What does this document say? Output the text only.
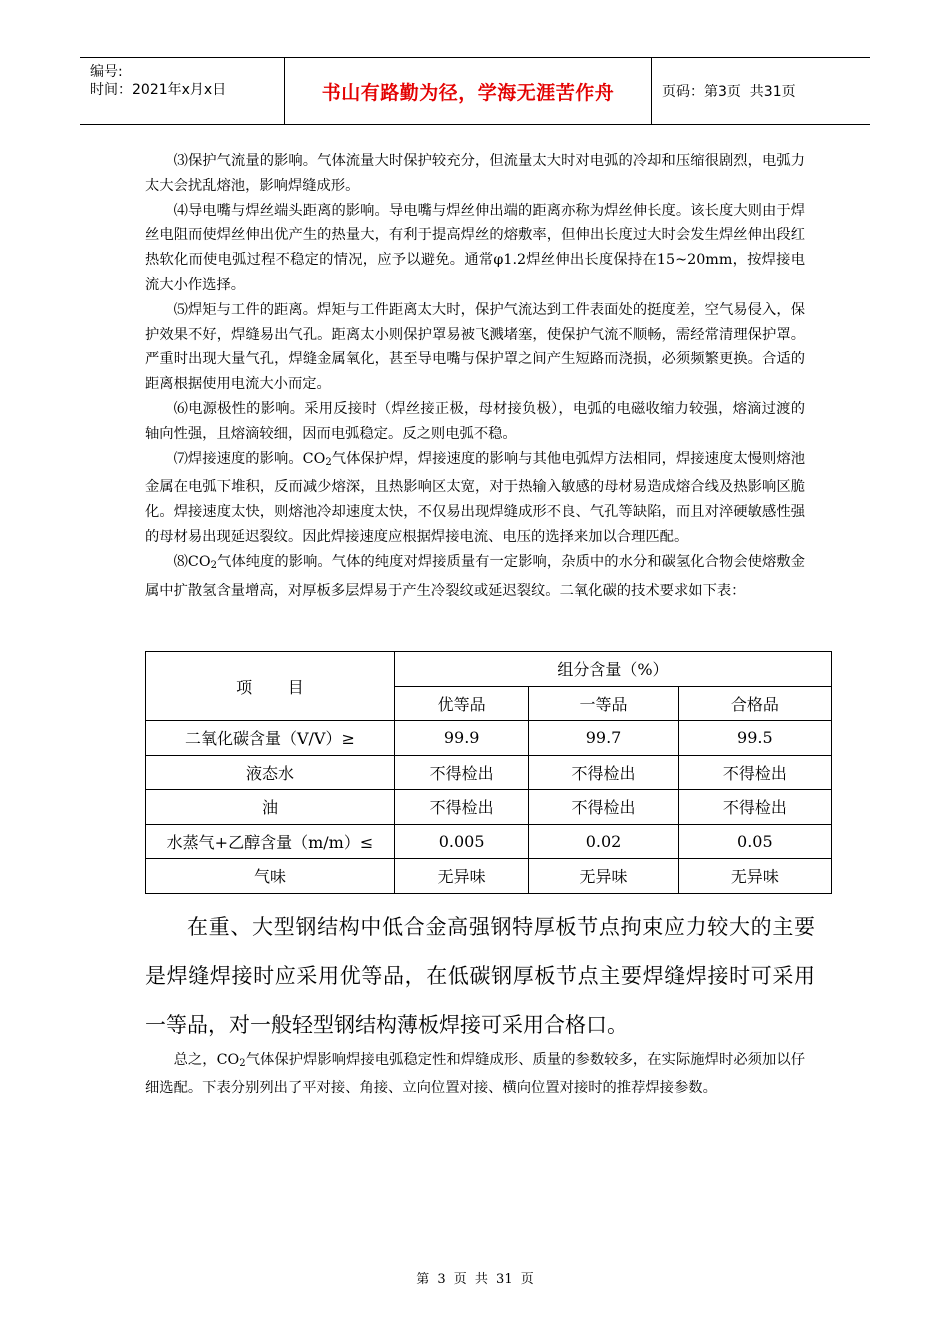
编号:
时间：2021年x月x日	书山有路勤为径，学海无涯苦作舟	页码：第3页  共31页

⑶保护气流量的影响。气体流量大时保护较充分，但流量太大时对电弧的冷却和压缩很剧烈，电弧力太大会扰乱熔池，影响焊缝成形。

⑷导电嘴与焊丝端头距离的影响。导电嘴与焊丝伸出端的距离亦称为焊丝伸长度。该长度大则由于焊丝电阻而使焊丝伸出优产生的热量大，有利于提高焊丝的熔敷率，但伸出长度过大时会发生焊丝伸出段红热软化而使电弧过程不稳定的情况，应予以避免。通常φ1.2焊丝伸出长度保持在15~20mm，按焊接电流大小作选择。

⑸焊矩与工件的距离。焊矩与工件距离太大时，保护气流达到工件表面处的挺度差，空气易侵入，保护效果不好，焊缝易出气孔。距离太小则保护罩易被飞溅堵塞，使保护气流不顺畅，需经常清理保护罩。严重时出现大量气孔，焊缝金属氧化，甚至导电嘴与保护罩之间产生短路而浇损，必须频繁更换。合适的距离根据使用电流大小而定。

⑹电源极性的影响。采用反接时（焊丝接正极，母材接负极），电弧的电磁收缩力较强，熔滴过渡的轴向性强，且熔滴较细，因而电弧稳定。反之则电弧不稳。

⑺焊接速度的影响。$CO_2$气体保护焊，焊接速度的影响与其他电弧焊方法相同，焊接速度太慢则熔池金属在电弧下堆积，反而减少熔深，且热影响区太宽，对于热输入敏感的母材易造成熔合线及热影响区脆化。焊接速度太快，则熔池冷却速度太快，不仅易出现焊缝成形不良、气孔等缺陷，而且对淬硬敏感性强的母材易出现延迟裂纹。因此焊接速度应根据焊接电流、电压的选择来加以合理匹配。

$⑻CO_2$气体纯度的影响。气体的纯度对焊接质量有一定影响，杂质中的水分和碳氢化合物会使熔敷金属中扩散氢含量增高，对厚板多层焊易于产生冷裂纹或延迟裂纹。二氧化碳的技术要求如下表：

项       目	组分含量（%）		
	优等品	一等品	合格品
二氧化碳含量（V/V）≥	99.9	99.7	99.5
液态水	不得检出	不得检出	不得检出
油	不得检出	不得检出	不得检出
水蒸气+乙醇含量（m/m）≤	0.005	0.02	0.05
气味	无异味	无异味	无异味

在重、大型钢结构中低合金高强钢特厚板节点拘束应力较大的主要是焊缝焊接时应采用优等品，在低碳钢厚板节点主要焊缝焊接时可采用一等品，对一般轻型钢结构薄板焊接可采用合格口。

总之，$CO_2$气体保护焊影响焊接电弧稳定性和焊缝成形、质量的参数较多，在实际施焊时必须加以仔细选配。下表分别列出了平对接、角接、立向位置对接、横向位置对接时的推荐焊接参数。

第 3 页 共 31 页
